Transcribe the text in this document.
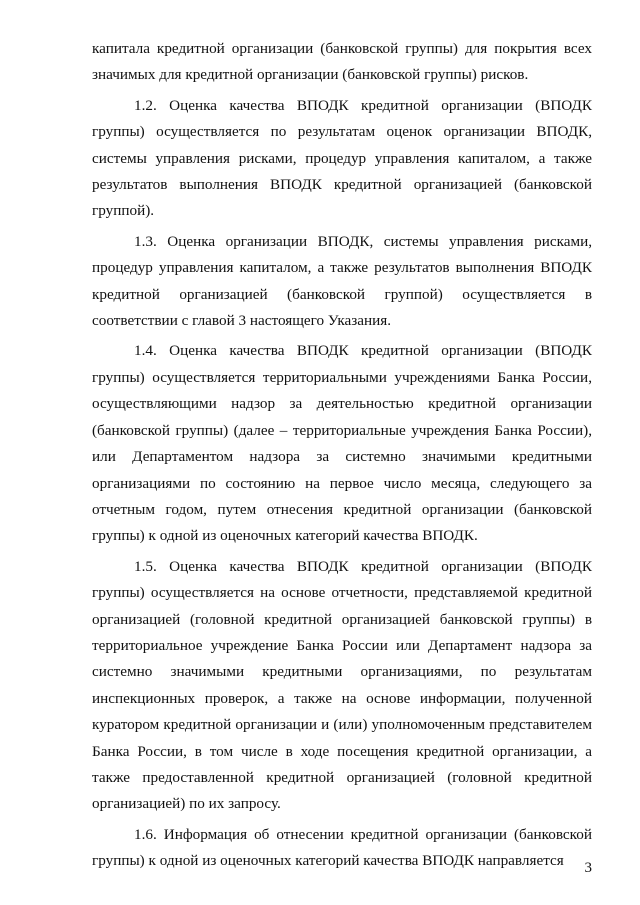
капитала кредитной организации (банковской группы) для покрытия всех значимых для кредитной организации (банковской группы) рисков.

1.2. Оценка качества ВПОДК кредитной организации (ВПОДК группы) осуществляется по результатам оценок организации ВПОДК, системы управления рисками, процедур управления капиталом, а также результатов выполнения ВПОДК кредитной организацией (банковской группой).

1.3. Оценка организации ВПОДК, системы управления рисками, процедур управления капиталом, а также результатов выполнения ВПОДК кредитной организацией (банковской группой) осуществляется в соответствии с главой 3 настоящего Указания.

1.4. Оценка качества ВПОДК кредитной организации (ВПОДК группы) осуществляется территориальными учреждениями Банка России, осуществляющими надзор за деятельностью кредитной организации (банковской группы) (далее – территориальные учреждения Банка России), или Департаментом надзора за системно значимыми кредитными организациями по состоянию на первое число месяца, следующего за отчетным годом, путем отнесения кредитной организации (банковской группы) к одной из оценочных категорий качества ВПОДК.

1.5. Оценка качества ВПОДК кредитной организации (ВПОДК группы) осуществляется на основе отчетности, представляемой кредитной организацией (головной кредитной организацией банковской группы) в территориальное учреждение Банка России или Департамент надзора за системно значимыми кредитными организациями, по результатам инспекционных проверок, а также на основе информации, полученной куратором кредитной организации и (или) уполномоченным представителем Банка России, в том числе в ходе посещения кредитной организации, а также предоставленной кредитной организацией (головной кредитной организацией) по их запросу.

1.6. Информация об отнесении кредитной организации (банковской группы) к одной из оценочных категорий качества ВПОДК направляется	3
